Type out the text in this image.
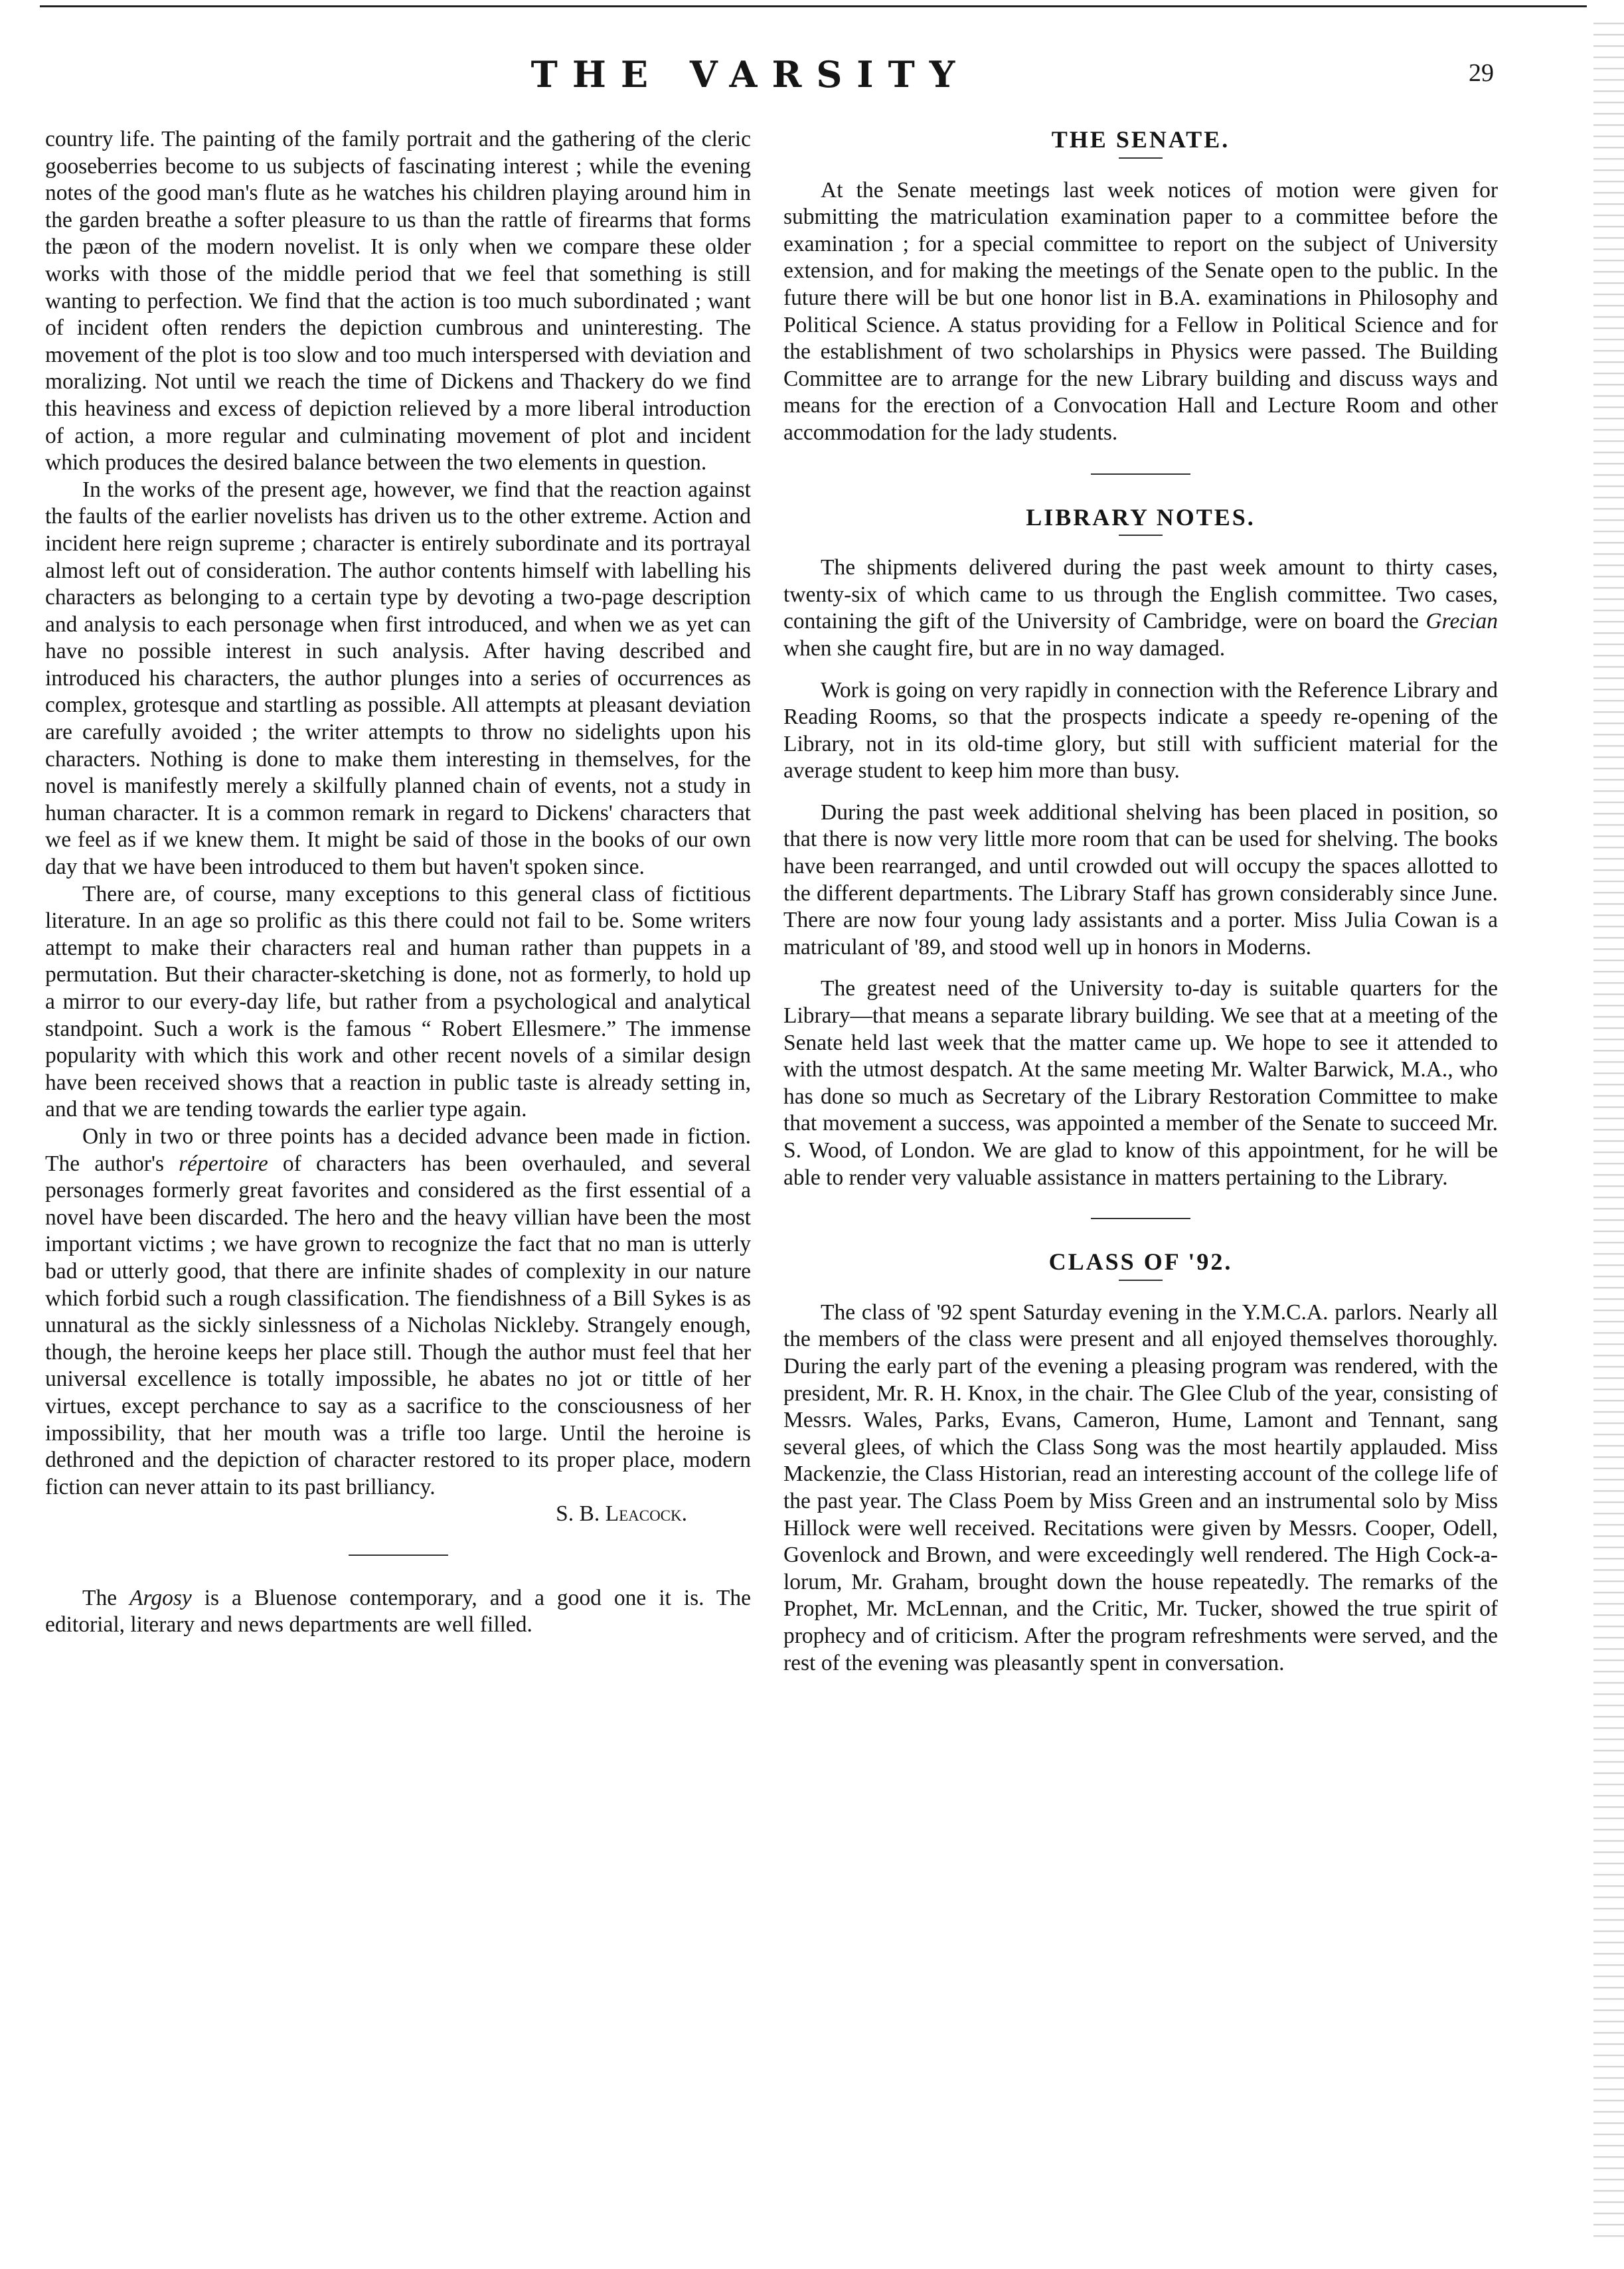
THE VARSITY	29

country life. The painting of the family portrait and the gathering of the cleric gooseberries become to us subjects of fascinating interest ; while the evening notes of the good man's flute as he watches his children playing around him in the garden breathe a softer pleasure to us than the rattle of firearms that forms the pæon of the modern novelist. It is only when we compare these older works with those of the middle period that we feel that something is still wanting to perfection. We find that the action is too much subordinated ; want of incident often renders the depiction cumbrous and uninteresting. The movement of the plot is too slow and too much interspersed with deviation and moralizing. Not until we reach the time of Dickens and Thackery do we find this heaviness and excess of depiction relieved by a more liberal introduction of action, a more regular and culminating movement of plot and incident which produces the desired balance between the two elements in question.

In the works of the present age, however, we find that the reaction against the faults of the earlier novelists has driven us to the other extreme. Action and incident here reign supreme ; character is entirely subordinate and its portrayal almost left out of consideration. The author contents himself with labelling his characters as belonging to a certain type by devoting a two-page description and analysis to each personage when first introduced, and when we as yet can have no possible interest in such analysis. After having described and introduced his characters, the author plunges into a series of occurrences as complex, grotesque and startling as possible. All attempts at pleasant deviation are carefully avoided ; the writer attempts to throw no sidelights upon his characters. Nothing is done to make them interesting in themselves, for the novel is manifestly merely a skilfully planned chain of events, not a study in human character. It is a common remark in regard to Dickens' characters that we feel as if we knew them. It might be said of those in the books of our own day that we have been introduced to them but haven't spoken since.

There are, of course, many exceptions to this general class of fictitious literature. In an age so prolific as this there could not fail to be. Some writers attempt to make their characters real and human rather than puppets in a permutation. But their character-sketching is done, not as formerly, to hold up a mirror to our every-day life, but rather from a psychological and analytical standpoint. Such a work is the famous “ Robert Ellesmere.” The immense popularity with which this work and other recent novels of a similar design have been received shows that a reaction in public taste is already setting in, and that we are tending towards the earlier type again.

Only in two or three points has a decided advance been made in fiction. The author's répertoire of characters has been overhauled, and several personages formerly great favorites and considered as the first essential of a novel have been discarded. The hero and the heavy villian have been the most important victims ; we have grown to recognize the fact that no man is utterly bad or utterly good, that there are infinite shades of complexity in our nature which forbid such a rough classification. The fiendishness of a Bill Sykes is as unnatural as the sickly sinlessness of a Nicholas Nickleby. Strangely enough, though, the heroine keeps her place still. Though the author must feel that her universal excellence is totally impossible, he abates no jot or tittle of her virtues, except perchance to say as a sacrifice to the consciousness of her impossibility, that her mouth was a trifle too large. Until the heroine is dethroned and the depiction of character restored to its proper place, modern fiction can never attain to its past brilliancy.

S. B. Leacock.

The Argosy is a Bluenose contemporary, and a good one it is. The editorial, literary and news departments are well filled.

THE SENATE.

At the Senate meetings last week notices of motion were given for submitting the matriculation examination paper to a committee before the examination ; for a special committee to report on the subject of University extension, and for making the meetings of the Senate open to the public. In the future there will be but one honor list in B.A. examinations in Philosophy and Political Science. A status providing for a Fellow in Political Science and for the establishment of two scholarships in Physics were passed. The Building Committee are to arrange for the new Library building and discuss ways and means for the erection of a Convocation Hall and Lecture Room and other accommodation for the lady students.

LIBRARY NOTES.

The shipments delivered during the past week amount to thirty cases, twenty-six of which came to us through the English committee. Two cases, containing the gift of the University of Cambridge, were on board the Grecian when she caught fire, but are in no way damaged.

Work is going on very rapidly in connection with the Reference Library and Reading Rooms, so that the prospects indicate a speedy re-opening of the Library, not in its old-time glory, but still with sufficient material for the average student to keep him more than busy.

During the past week additional shelving has been placed in position, so that there is now very little more room that can be used for shelving. The books have been rearranged, and until crowded out will occupy the spaces allotted to the different departments. The Library Staff has grown considerably since June. There are now four young lady assistants and a porter. Miss Julia Cowan is a matriculant of '89, and stood well up in honors in Moderns.

The greatest need of the University to-day is suitable quarters for the Library—that means a separate library building. We see that at a meeting of the Senate held last week that the matter came up. We hope to see it attended to with the utmost despatch. At the same meeting Mr. Walter Barwick, M.A., who has done so much as Secretary of the Library Restoration Committee to make that movement a success, was appointed a member of the Senate to succeed Mr. S. Wood, of London. We are glad to know of this appointment, for he will be able to render very valuable assistance in matters pertaining to the Library.

CLASS OF '92.

The class of '92 spent Saturday evening in the Y.M.C.A. parlors. Nearly all the members of the class were present and all enjoyed themselves thoroughly. During the early part of the evening a pleasing program was rendered, with the president, Mr. R. H. Knox, in the chair. The Glee Club of the year, consisting of Messrs. Wales, Parks, Evans, Cameron, Hume, Lamont and Tennant, sang several glees, of which the Class Song was the most heartily applauded. Miss Mackenzie, the Class Historian, read an interesting account of the college life of the past year. The Class Poem by Miss Green and an instrumental solo by Miss Hillock were well received. Recitations were given by Messrs. Cooper, Odell, Govenlock and Brown, and were exceedingly well rendered. The High Cock-a-lorum, Mr. Graham, brought down the house repeatedly. The remarks of the Prophet, Mr. McLennan, and the Critic, Mr. Tucker, showed the true spirit of prophecy and of criticism. After the program refreshments were served, and the rest of the evening was pleasantly spent in conversation.
